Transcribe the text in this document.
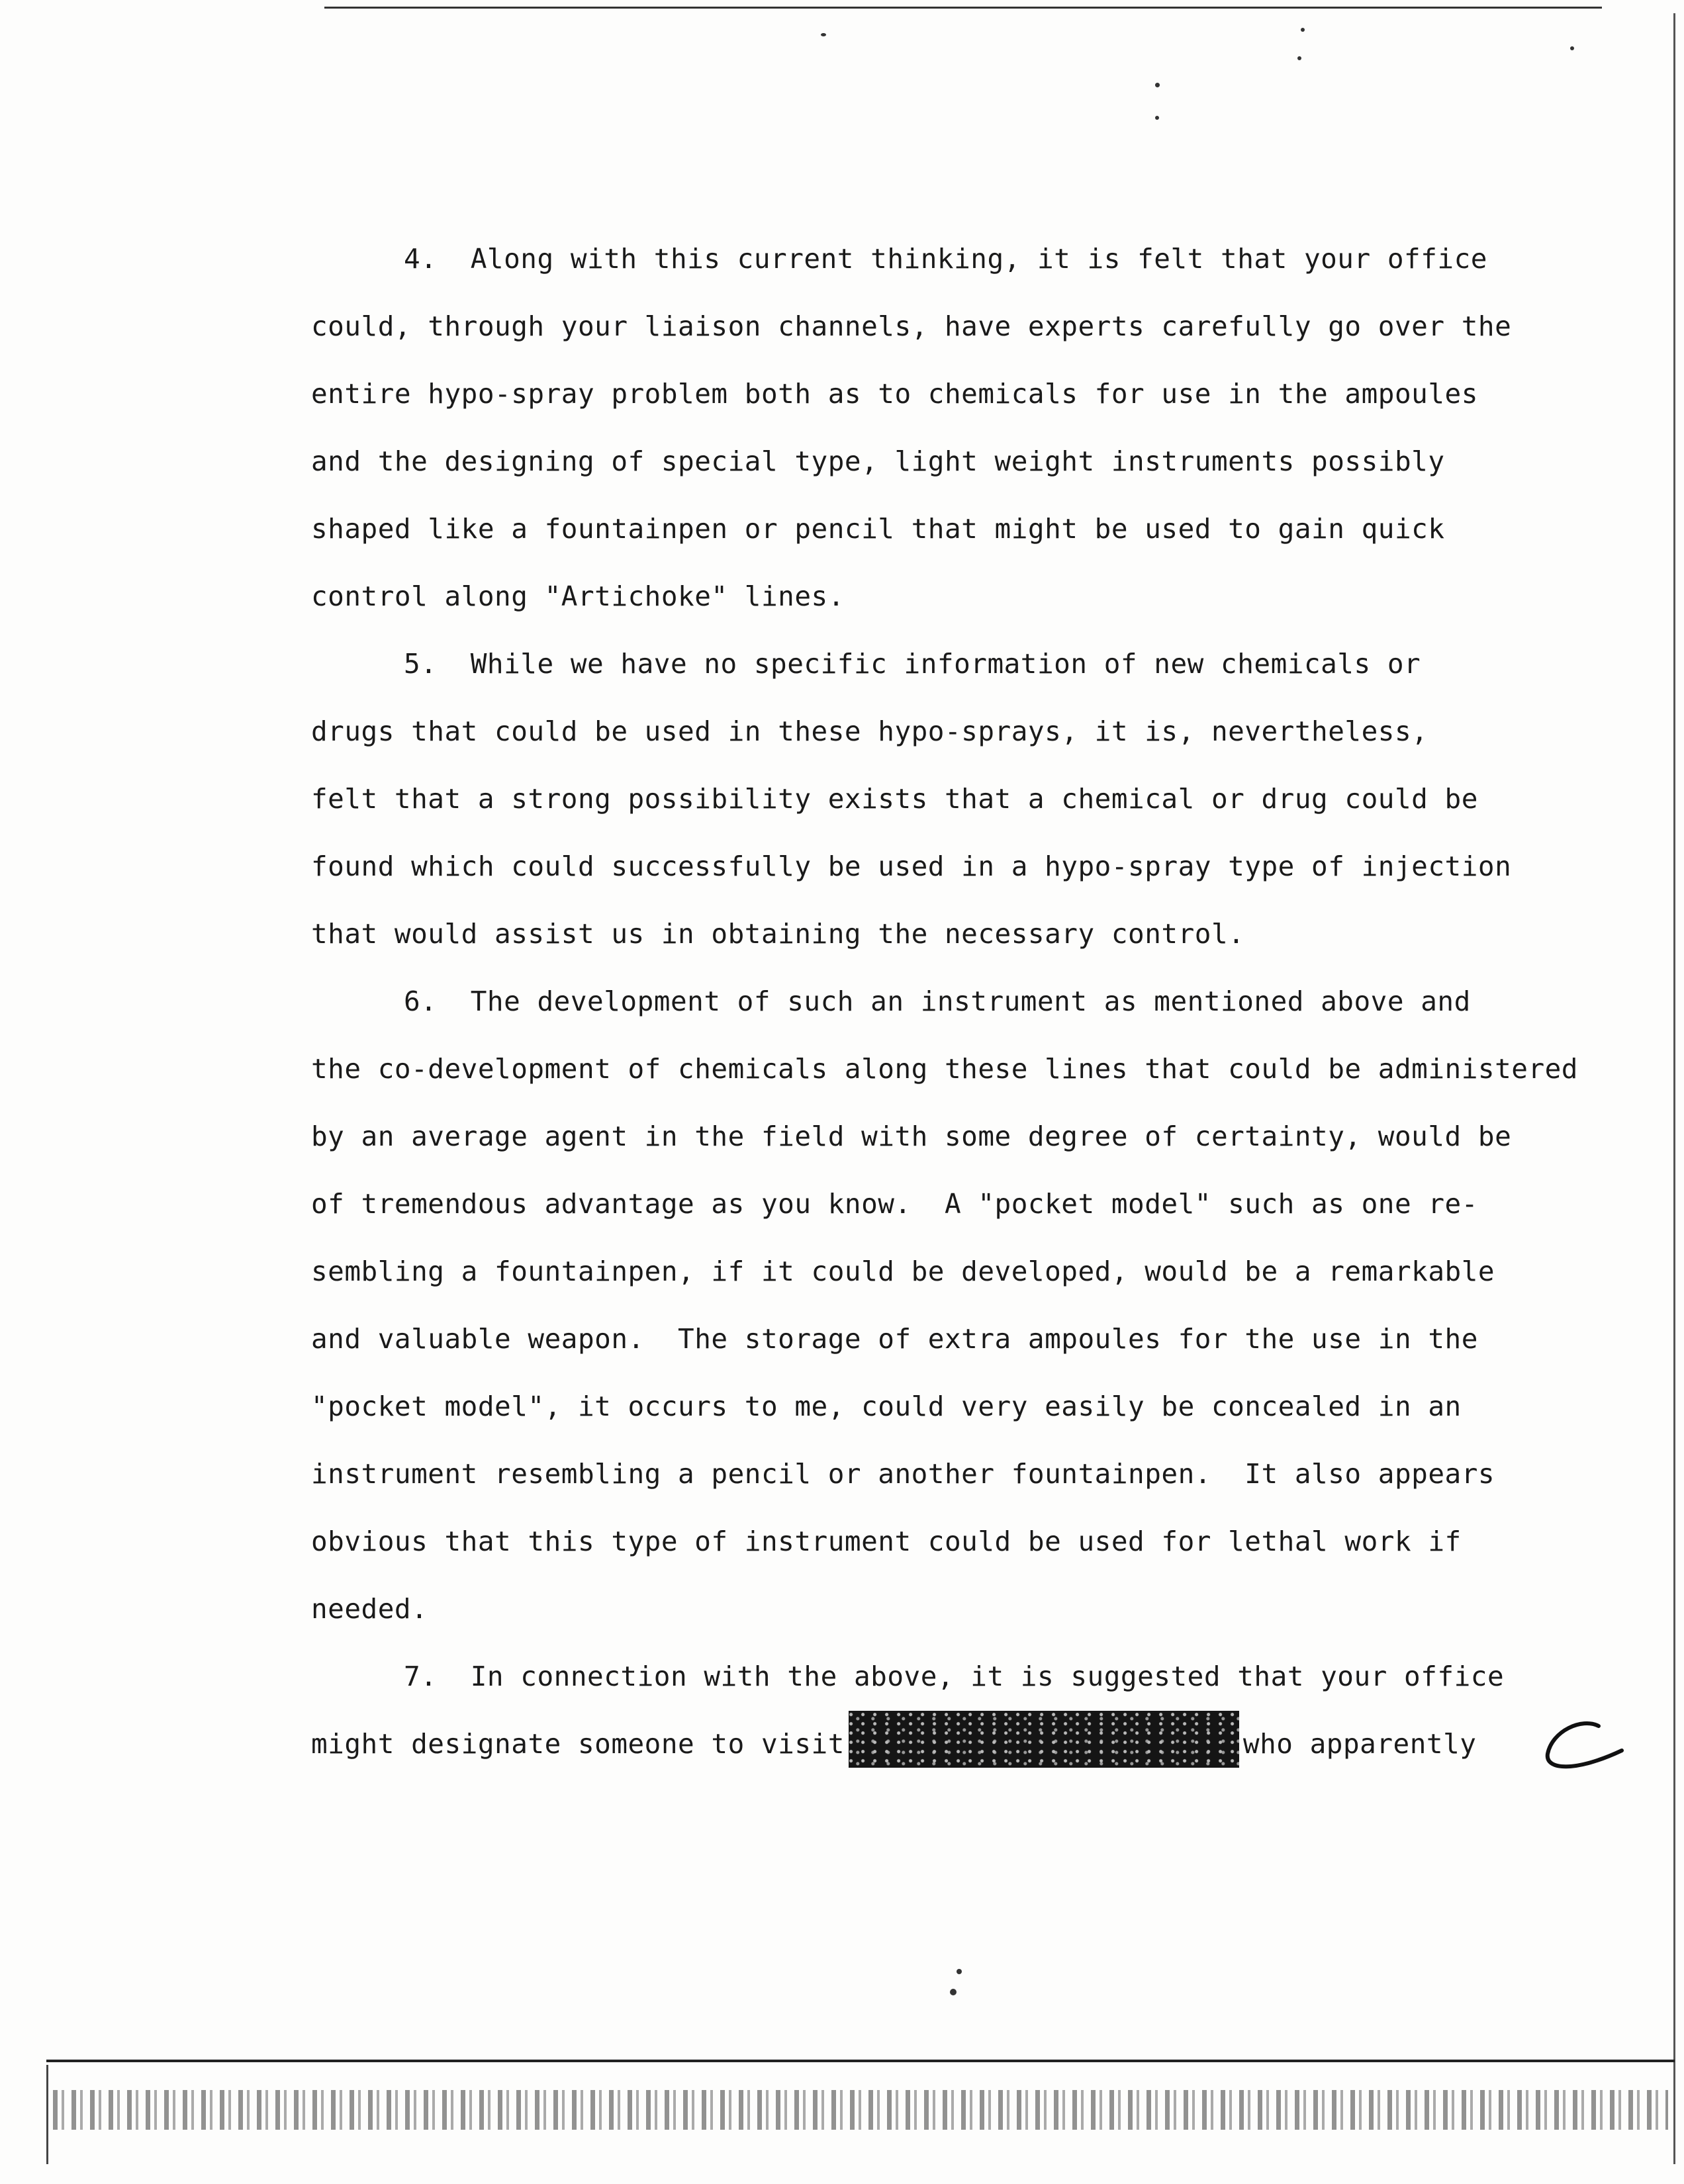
4.  Along with this current thinking, it is felt that your office
could, through your liaison channels, have experts carefully go over the
entire hypo-spray problem both as to chemicals for use in the ampoules
and the designing of special type, light weight instruments possibly
shaped like a fountainpen or pencil that might be used to gain quick
control along "Artichoke" lines.
5.  While we have no specific information of new chemicals or
drugs that could be used in these hypo-sprays, it is, nevertheless,
felt that a strong possibility exists that a chemical or drug could be
found which could successfully be used in a hypo-spray type of injection
that would assist us in obtaining the necessary control.
6.  The development of such an instrument as mentioned above and
the co-development of chemicals along these lines that could be administered
by an average agent in the field with some degree of certainty, would be
of tremendous advantage as you know.  A "pocket model" such as one re-
sembling a fountainpen, if it could be developed, would be a remarkable
and valuable weapon.  The storage of extra ampoules for the use in the
"pocket model", it occurs to me, could very easily be concealed in an
instrument resembling a pencil or another fountainpen.  It also appears
obvious that this type of instrument could be used for lethal work if
needed.
7.  In connection with the above, it is suggested that your office
might designate someone to visit	who apparently
C
